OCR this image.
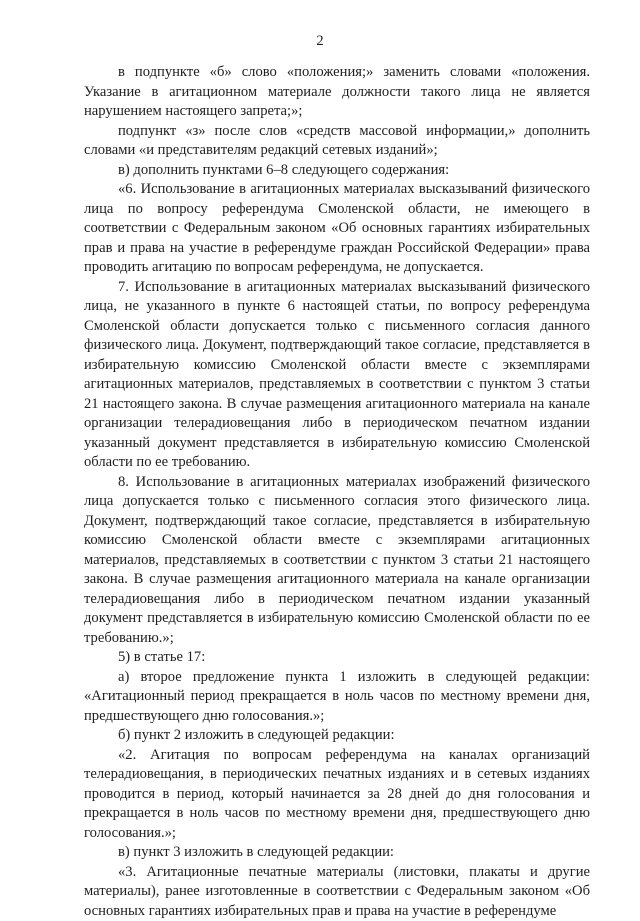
2

в подпункте «б» слово «положения;» заменить словами «положения. Указание в агитационном материале должности такого лица не является нарушением настоящего запрета;»;

подпункт «з» после слов «средств массовой информации,» дополнить словами «и представителям редакций сетевых изданий»;

в) дополнить пунктами 6–8 следующего содержания:

«6. Использование в агитационных материалах высказываний физического лица по вопросу референдума Смоленской области, не имеющего в соответствии с Федеральным законом «Об основных гарантиях избирательных прав и права на участие в референдуме граждан Российской Федерации» права проводить агитацию по вопросам референдума, не допускается.

7. Использование в агитационных материалах высказываний физического лица, не указанного в пункте 6 настоящей статьи, по вопросу референдума Смоленской области допускается только с письменного согласия данного физического лица. Документ, подтверждающий такое согласие, представляется в избирательную комиссию Смоленской области вместе с экземплярами агитационных материалов, представляемых в соответствии с пунктом 3 статьи 21 настоящего закона. В случае размещения агитационного материала на канале организации телерадиовещания либо в периодическом печатном издании указанный документ представляется в избирательную комиссию Смоленской области по ее требованию.

8. Использование в агитационных материалах изображений физического лица допускается только с письменного согласия этого физического лица. Документ, подтверждающий такое согласие, представляется в избирательную комиссию Смоленской области вместе с экземплярами агитационных материалов, представляемых в соответствии с пунктом 3 статьи 21 настоящего закона. В случае размещения агитационного материала на канале организации телерадиовещания либо в периодическом печатном издании указанный документ представляется в избирательную комиссию Смоленской области по ее требованию.»;

5) в статье 17:

а) второе предложение пункта 1 изложить в следующей редакции: «Агитационный период прекращается в ноль часов по местному времени дня, предшествующего дню голосования.»;

б) пункт 2 изложить в следующей редакции:

«2. Агитация по вопросам референдума на каналах организаций телерадиовещания, в периодических печатных изданиях и в сетевых изданиях проводится в период, который начинается за 28 дней до дня голосования и прекращается в ноль часов по местному времени дня, предшествующего дню голосования.»;

в) пункт 3 изложить в следующей редакции:

«3. Агитационные печатные материалы (листовки, плакаты и другие материалы), ранее изготовленные в соответствии с Федеральным законом «Об основных гарантиях избирательных прав и права на участие в референдуме
